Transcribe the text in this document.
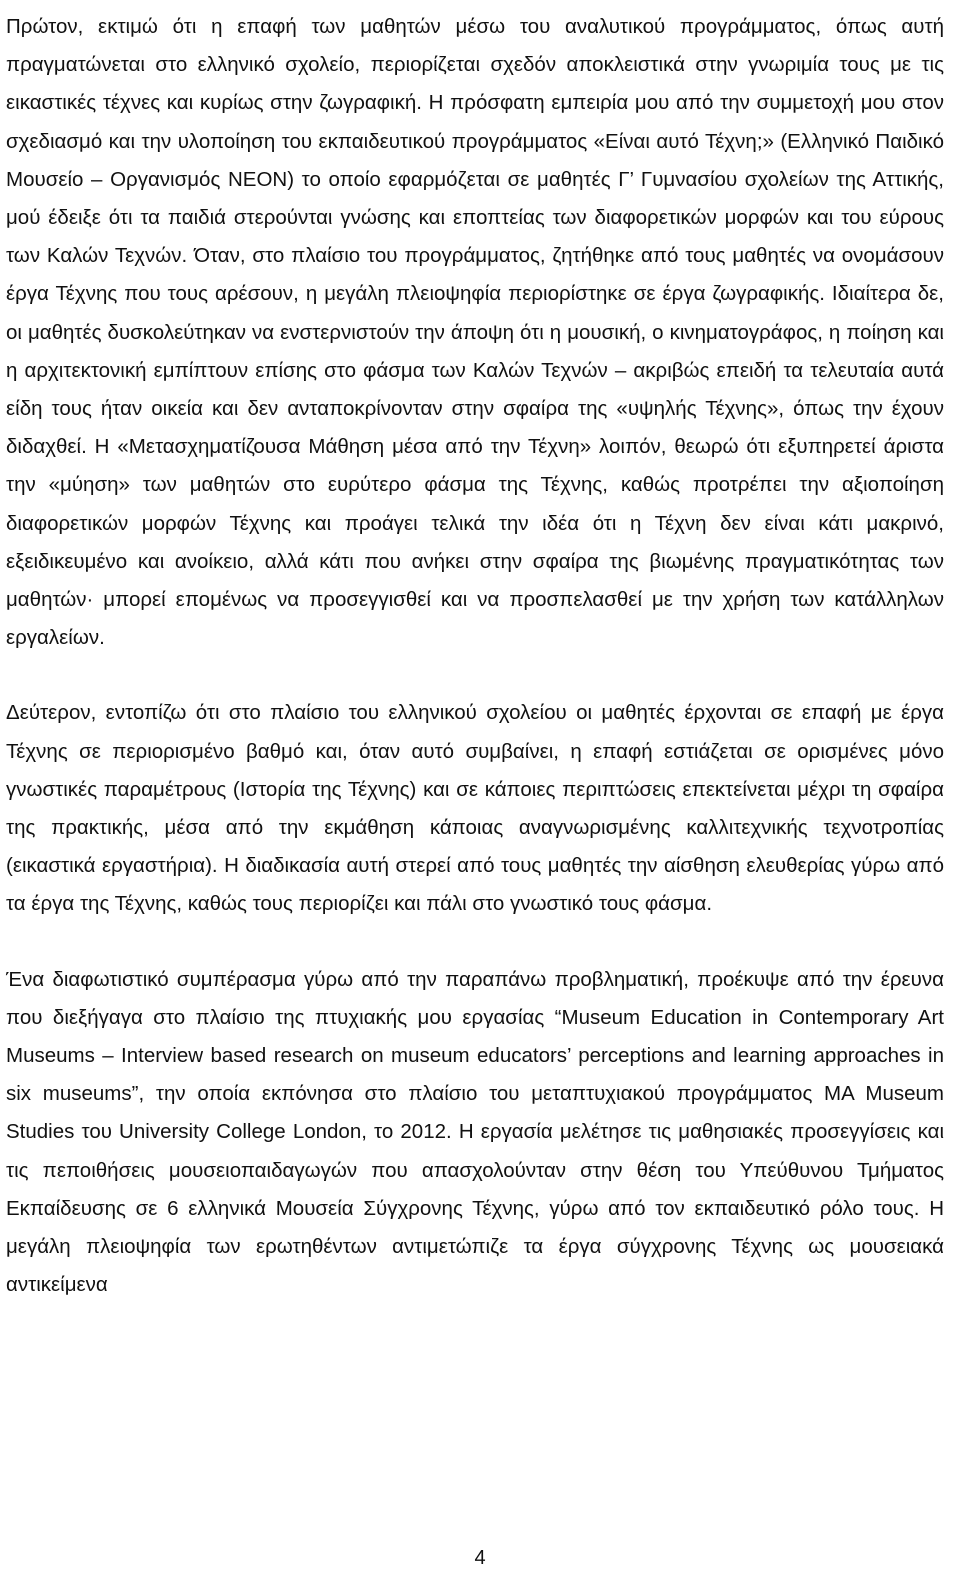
Πρώτον, εκτιμώ ότι η επαφή των μαθητών μέσω του αναλυτικού προγράμματος, όπως αυτή πραγματώνεται στο ελληνικό σχολείο, περιορίζεται σχεδόν αποκλειστικά στην γνωριμία τους με τις εικαστικές τέχνες και κυρίως στην ζωγραφική. Η πρόσφατη εμπειρία μου από την συμμετοχή μου στον σχεδιασμό και την υλοποίηση του εκπαιδευτικού προγράμματος «Είναι αυτό Τέχνη;» (Ελληνικό Παιδικό Μουσείο – Οργανισμός ΝΕΟΝ) το οποίο εφαρμόζεται σε μαθητές Γ’ Γυμνασίου σχολείων της Αττικής, μού έδειξε ότι τα παιδιά στερούνται γνώσης και εποπτείας των διαφορετικών μορφών και του εύρους των Καλών Τεχνών. Όταν, στο πλαίσιο του προγράμματος, ζητήθηκε από τους μαθητές να ονομάσουν έργα Τέχνης που τους αρέσουν, η μεγάλη πλειοψηφία περιορίστηκε σε έργα ζωγραφικής. Ιδιαίτερα δε, οι μαθητές δυσκολεύτηκαν να ενστερνιστούν την άποψη ότι η μουσική, ο κινηματογράφος, η ποίηση και η αρχιτεκτονική εμπίπτουν επίσης στο φάσμα των Καλών Τεχνών – ακριβώς επειδή τα τελευταία αυτά είδη τους ήταν οικεία και δεν ανταποκρίνονταν στην σφαίρα της «υψηλής Τέχνης», όπως την έχουν διδαχθεί. Η «Μετασχηματίζουσα Μάθηση μέσα από την Τέχνη» λοιπόν, θεωρώ ότι εξυπηρετεί άριστα την «μύηση» των μαθητών στο ευρύτερο φάσμα της Τέχνης, καθώς προτρέπει την αξιοποίηση διαφορετικών μορφών Τέχνης και προάγει τελικά την ιδέα ότι η Τέχνη δεν είναι κάτι μακρινό, εξειδικευμένο και ανοίκειο, αλλά κάτι που ανήκει στην σφαίρα της βιωμένης πραγματικότητας των μαθητών· μπορεί επομένως να προσεγγισθεί και να προσπελασθεί με την χρήση των κατάλληλων εργαλείων.

Δεύτερον, εντοπίζω ότι στο πλαίσιο του ελληνικού σχολείου οι μαθητές έρχονται σε επαφή με έργα Τέχνης σε περιορισμένο βαθμό και, όταν αυτό συμβαίνει, η επαφή εστιάζεται σε ορισμένες μόνο γνωστικές παραμέτρους (Ιστορία της Τέχνης) και σε κάποιες περιπτώσεις επεκτείνεται μέχρι τη σφαίρα της πρακτικής, μέσα από την εκμάθηση κάποιας αναγνωρισμένης καλλιτεχνικής τεχνοτροπίας (εικαστικά εργαστήρια). Η διαδικασία αυτή στερεί από τους μαθητές την αίσθηση ελευθερίας γύρω από τα έργα της Τέχνης, καθώς τους περιορίζει και πάλι στο γνωστικό τους φάσμα.

Ένα διαφωτιστικό συμπέρασμα γύρω από την παραπάνω προβληματική, προέκυψε από την έρευνα που διεξήγαγα στο πλαίσιο της πτυχιακής μου εργασίας “Museum Education in Contemporary Art Museums – Interview based research on museum educators’ perceptions and learning approaches in six museums”, την οποία εκπόνησα στο πλαίσιο του μεταπτυχιακού προγράμματος MA Museum Studies του University College London, το 2012. Η εργασία μελέτησε τις μαθησιακές προσεγγίσεις και τις πεποιθήσεις μουσειοπαιδαγωγών που απασχολούνταν στην θέση του Υπεύθυνου Τμήματος Εκπαίδευσης σε 6 ελληνικά Μουσεία Σύγχρονης Τέχνης, γύρω από τον εκπαιδευτικό ρόλο τους. Η μεγάλη πλειοψηφία των ερωτηθέντων αντιμετώπιζε τα έργα σύγχρονης Τέχνης ως μουσειακά αντικείμενα

4
